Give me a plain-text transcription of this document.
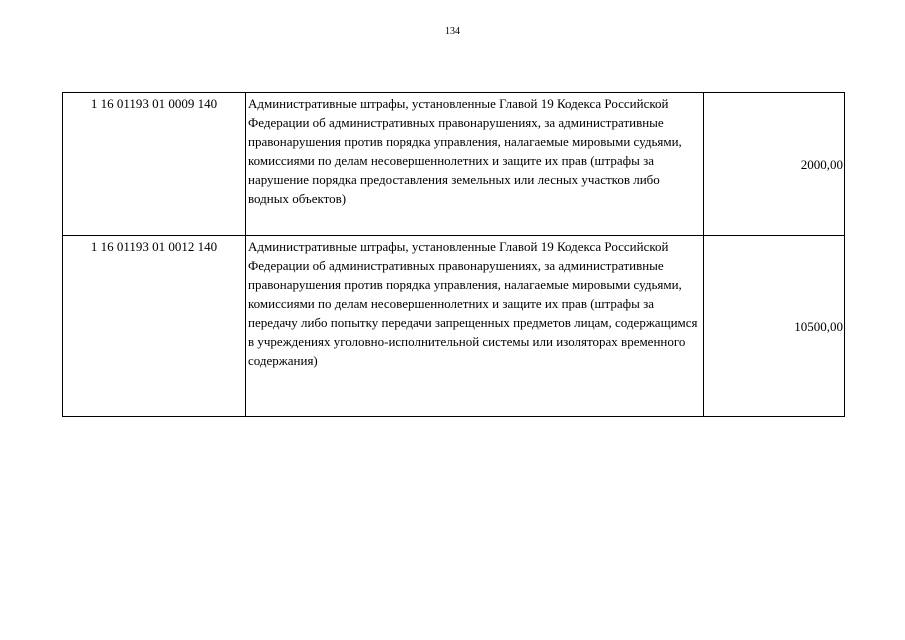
134
1 16 01193 01 0009 140	Административные штрафы, установленные Главой 19 Кодекса Российской Федерации об административных правонарушениях, за административные правонарушения против порядка управления, налагаемые мировыми судьями, комиссиями по делам несовершеннолетних и защите их прав (штрафы за нарушение порядка предоставления земельных или лесных участков либо водных объектов)	2000,00
1 16 01193 01 0012 140	Административные штрафы, установленные Главой 19 Кодекса Российской Федерации об административных правонарушениях, за административные правонарушения против порядка управления, налагаемые мировыми судьями, комиссиями по делам несовершеннолетних и защите их прав (штрафы за передачу либо попытку передачи запрещенных предметов лицам, содержащимся в учреждениях уголовно-исполнительной системы или изоляторах временного содержания)	10500,00
